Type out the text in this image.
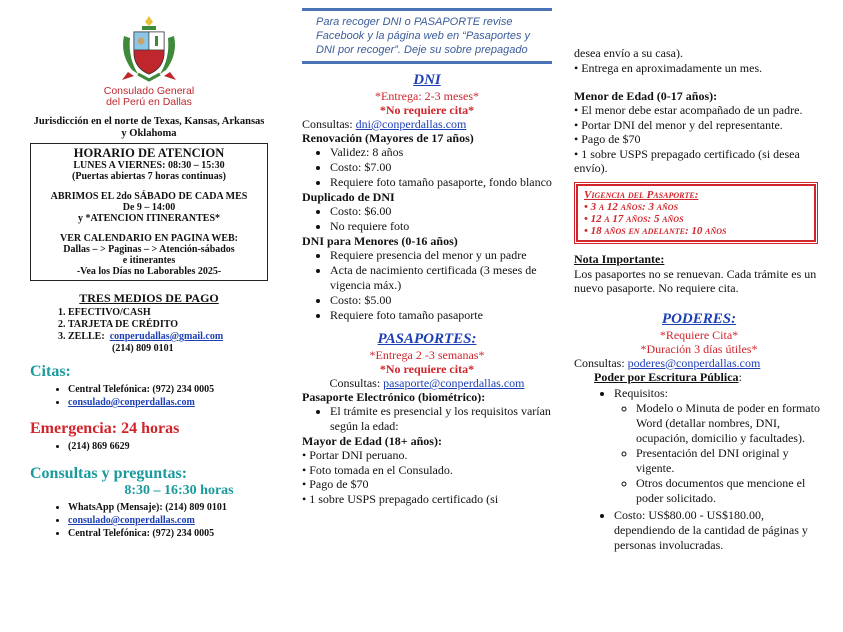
Consulado General
del Perú en Dallas
Jurisdicción en el norte de Texas, Kansas, Arkansas y Oklahoma
HORARIO DE ATENCION
LUNES A VIERNES: 08:30 – 15:30
(Puertas abiertas 7 horas continuas)
ABRIMOS EL 2do SÁBADO DE CADA MES
De 9 – 14:00
y *ATENCION ITINERANTES*
VER CALENDARIO EN PAGINA WEB:
Dallas – > Paginas – > Atención-sábados
e itinerantes
-Vea los Días no Laborables 2025-
TRES MEDIOS DE PAGO
1. EFECTIVO/CASH
2. TARJETA DE CRÉDITO
3. ZELLE: conperudallas@gmail.com
(214) 809 0101
Citas:
• Central Telefónica: (972) 234 0005
• consulado@conperdallas.com
Emergencia: 24 horas
• (214) 869 6629
Consultas y preguntas:
8:30 – 16:30 horas
• WhatsApp (Mensaje): (214) 809 0101
• consulado@conperdallas.com
• Central Telefónica: (972) 234 0005
Para recoger DNI o PASAPORTE revise Facebook y la página web en “Pasaportes y DNI por recoger”. Deje su sobre prepagado
DNI
*Entrega: 2-3 meses*
*No requiere cita*
Consultas: dni@conperdallas.com
Renovación (Mayores de 17 años)
• Validez: 8 años
• Costo: $7.00
• Requiere foto tamaño pasaporte, fondo blanco
Duplicado de DNI
• Costo: $6.00
• No requiere foto
DNI para Menores (0-16 años)
• Requiere presencia del menor y un padre
• Acta de nacimiento certificada (3 meses de vigencia máx.)
• Costo: $5.00
• Requiere foto tamaño pasaporte
PASAPORTES:
*Entrega 2 -3 semanas*
*No requiere cita*
Consultas: pasaporte@conperdallas.com
Pasaporte Electrónico (biométrico):
• El trámite es presencial y los requisitos varían según la edad:
Mayor de Edad (18+ años):
• Portar DNI peruano.
• Foto tomada en el Consulado.
• Pago de $70
• 1 sobre USPS prepagado certificado (si
desea envío a su casa).
• Entrega en aproximadamente un mes.
Menor de Edad (0-17 años):
• El menor debe estar acompañado de un padre.
• Portar DNI del menor y del representante.
• Pago de $70
• 1 sobre USPS prepagado certificado (si desea envío).
Vigencia del Pasaporte:
• 3 a 12 años: 3 años
• 12 a 17 años: 5 años
• 18 años en adelante: 10 años
Nota Importante:
Los pasaportes no se renuevan. Cada trámite es un nuevo pasaporte. No requiere cita.
PODERES:
*Requiere Cita*
*Duración 3 días útiles*
Consultas: poderes@conperdallas.com
Poder por Escritura Pública:
• Requisitos:
◦ Modelo o Minuta de poder en formato Word (detallar nombres, DNI, ocupación, domicilio y facultades).
◦ Presentación del DNI original y vigente.
◦ Otros documentos que mencione el poder solicitado.
• Costo: US$80.00 - US$180.00, dependiendo de la cantidad de páginas y personas involucradas.
